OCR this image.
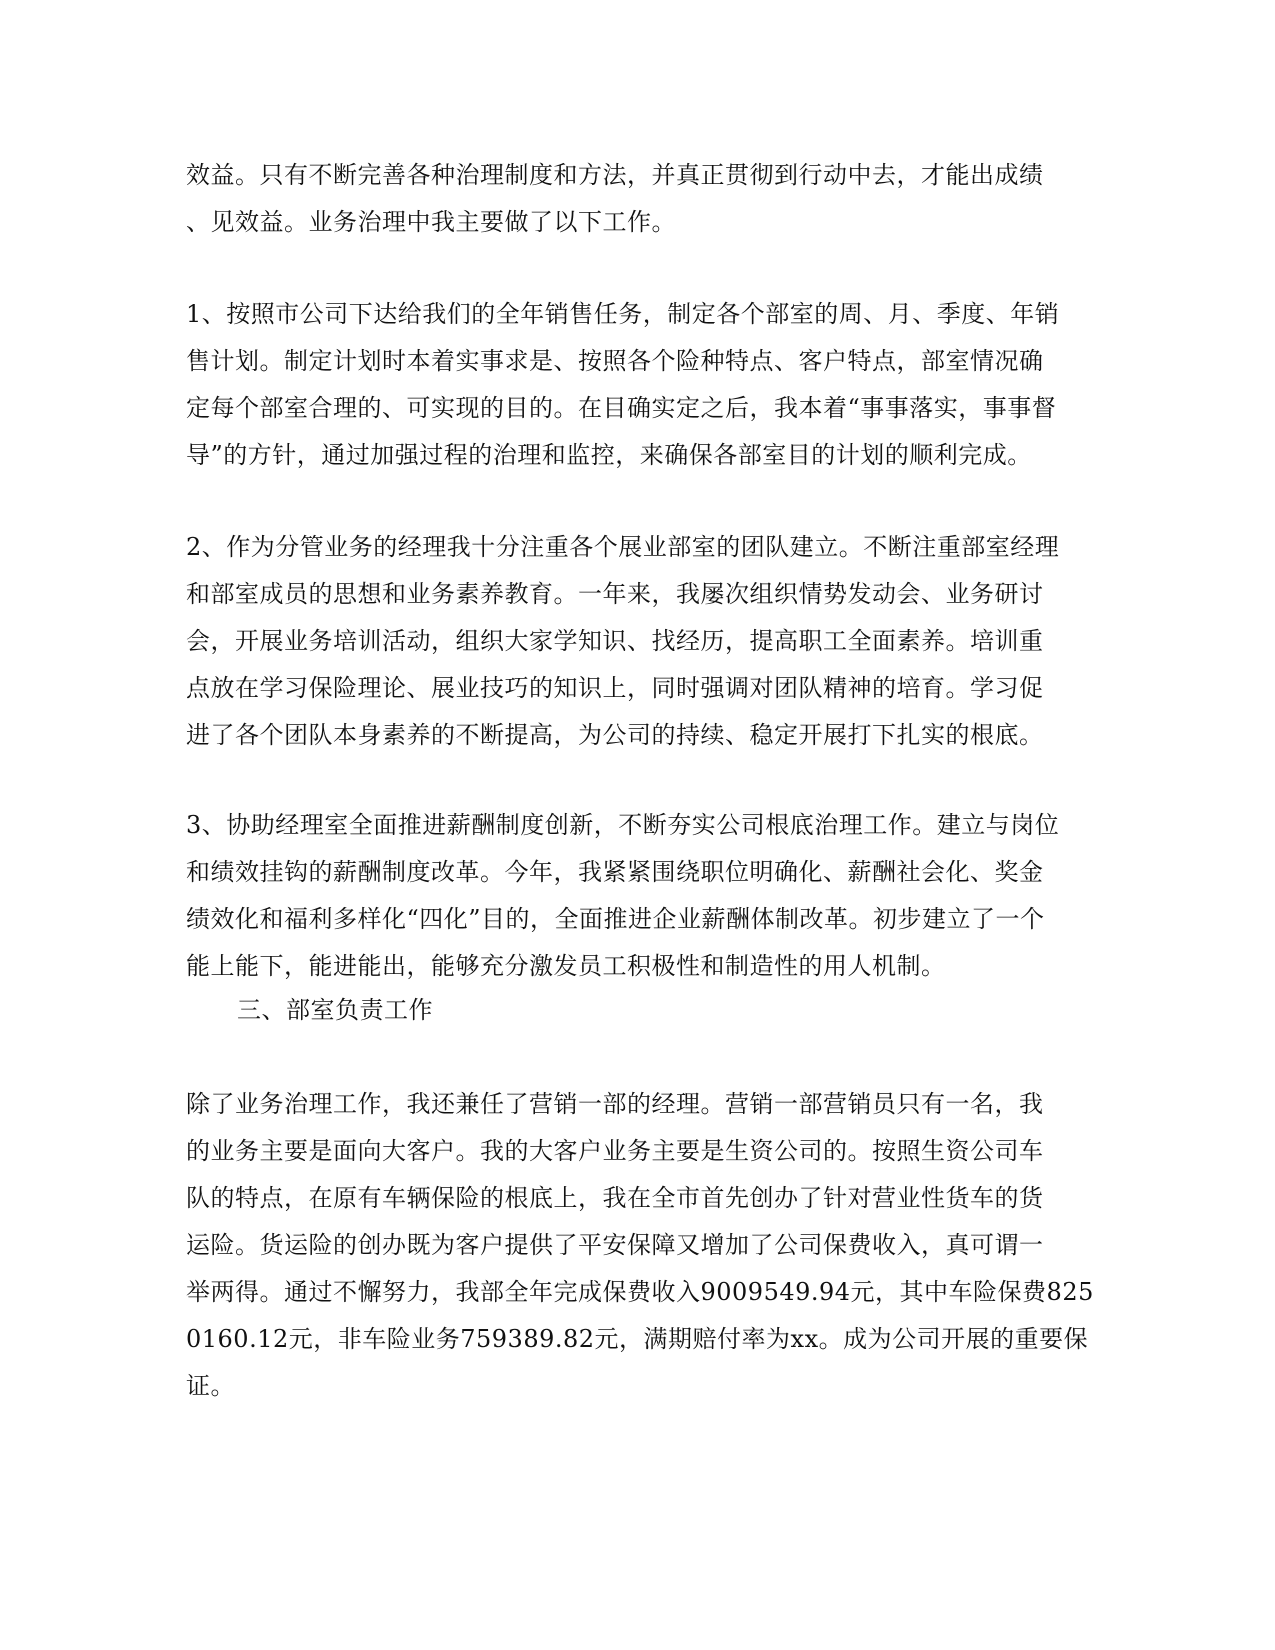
效益。只有不断完善各种治理制度和方法，并真正贯彻到行动中去，才能出成绩
、见效益。业务治理中我主要做了以下工作。
1、按照市公司下达给我们的全年销售任务，制定各个部室的周、月、季度、年销
售计划。制定计划时本着实事求是、按照各个险种特点、客户特点，部室情况确
定每个部室合理的、可实现的目的。在目确实定之后，我本着“事事落实，事事督
导”的方针，通过加强过程的治理和监控，来确保各部室目的计划的顺利完成。
2、作为分管业务的经理我十分注重各个展业部室的团队建立。不断注重部室经理
和部室成员的思想和业务素养教育。一年来，我屡次组织情势发动会、业务研讨
会，开展业务培训活动，组织大家学知识、找经历，提高职工全面素养。培训重
点放在学习保险理论、展业技巧的知识上，同时强调对团队精神的培育。学习促
进了各个团队本身素养的不断提高，为公司的持续、稳定开展打下扎实的根底。
3、协助经理室全面推进薪酬制度创新，不断夯实公司根底治理工作。建立与岗位
和绩效挂钩的薪酬制度改革。今年，我紧紧围绕职位明确化、薪酬社会化、奖金
绩效化和福利多样化“四化”目的，全面推进企业薪酬体制改革。初步建立了一个
能上能下，能进能出，能够充分激发员工积极性和制造性的用人机制。
三、部室负责工作
除了业务治理工作，我还兼任了营销一部的经理。营销一部营销员只有一名，我
的业务主要是面向大客户。我的大客户业务主要是生资公司的。按照生资公司车
队的特点，在原有车辆保险的根底上，我在全市首先创办了针对营业性货车的货
运险。货运险的创办既为客户提供了平安保障又增加了公司保费收入，真可谓一
举两得。通过不懈努力，我部全年完成保费收入9009549.94元，其中车险保费825
0160.12元，非车险业务759389.82元，满期赔付率为xx。成为公司开展的重要保
证。
